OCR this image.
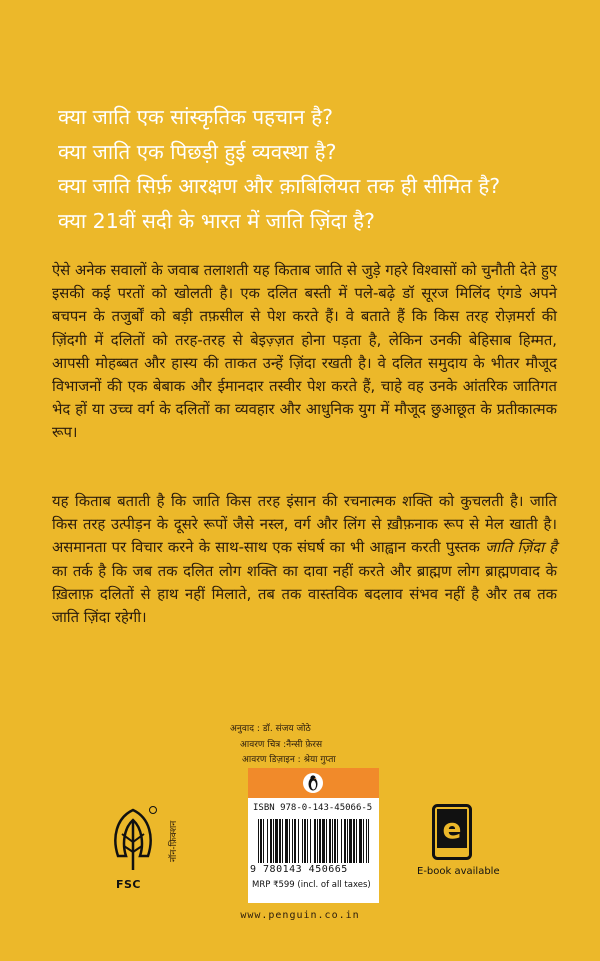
क्या जाति एक सांस्कृतिक पहचान है?
क्या जाति एक पिछड़ी हुई व्यवस्था है?
क्या जाति सिर्फ़ आरक्षण और क़ाबिलियत तक ही सीमित है?
क्या 21वीं सदी के भारत में जाति ज़िंदा है?

ऐसे अनेक सवालों के जवाब तलाशती यह किताब जाति से जुड़े गहरे विश्वासों को चुनौती देते हुए इसकी कई परतों को खोलती है। एक दलित बस्ती में पले-बढ़े डॉ सूरज मिलिंद एंगडे अपने बचपन के तजुर्बों को बड़ी तफ़सील से पेश करते हैं। वे बताते हैं कि किस तरह रोज़मर्रा की ज़िंदगी में दलितों को तरह-तरह से बेइज़्ज़त होना पड़ता है, लेकिन उनकी बेहिसाब हिम्मत, आपसी मोहब्बत और हास्य की ताकत उन्हें ज़िंदा रखती है। वे दलित समुदाय के भीतर मौजूद विभाजनों की एक बेबाक और ईमानदार तस्वीर पेश करते हैं, चाहे वह उनके आंतरिक जातिगत भेद हों या उच्च वर्ग के दलितों का व्यवहार और आधुनिक युग में मौजूद छुआछूत के प्रतीकात्मक रूप।

यह किताब बताती है कि जाति किस तरह इंसान की रचनात्मक शक्ति को कुचलती है। जाति किस तरह उत्पीड़न के दूसरे रूपों जैसे नस्ल, वर्ग और लिंग से ख़ौफ़नाक रूप से मेल खाती है। असमानता पर विचार करने के साथ-साथ एक संघर्ष का भी आह्वान करती पुस्तक जाति ज़िंदा है का तर्क है कि जब तक दलित लोग शक्ति का दावा नहीं करते और ब्राह्मण लोग ब्राह्मणवाद के ख़िलाफ़ दलितों से हाथ नहीं मिलाते, तब तक वास्तविक बदलाव संभव नहीं है और तब तक जाति ज़िंदा रहेगी।

अनुवाद : डॉ. संजय जोठे
आवरण चित्र :नैन्सी फ़ेरस
आवरण डिज़ाइन : श्रेया गुप्ता
FSC
नॉन-फ़िक्शन
ISBN 978-0-143-45066-5
9 780143 450665
MRP ₹599 (incl. of all taxes)
www.penguin.co.in
e
E-book available
